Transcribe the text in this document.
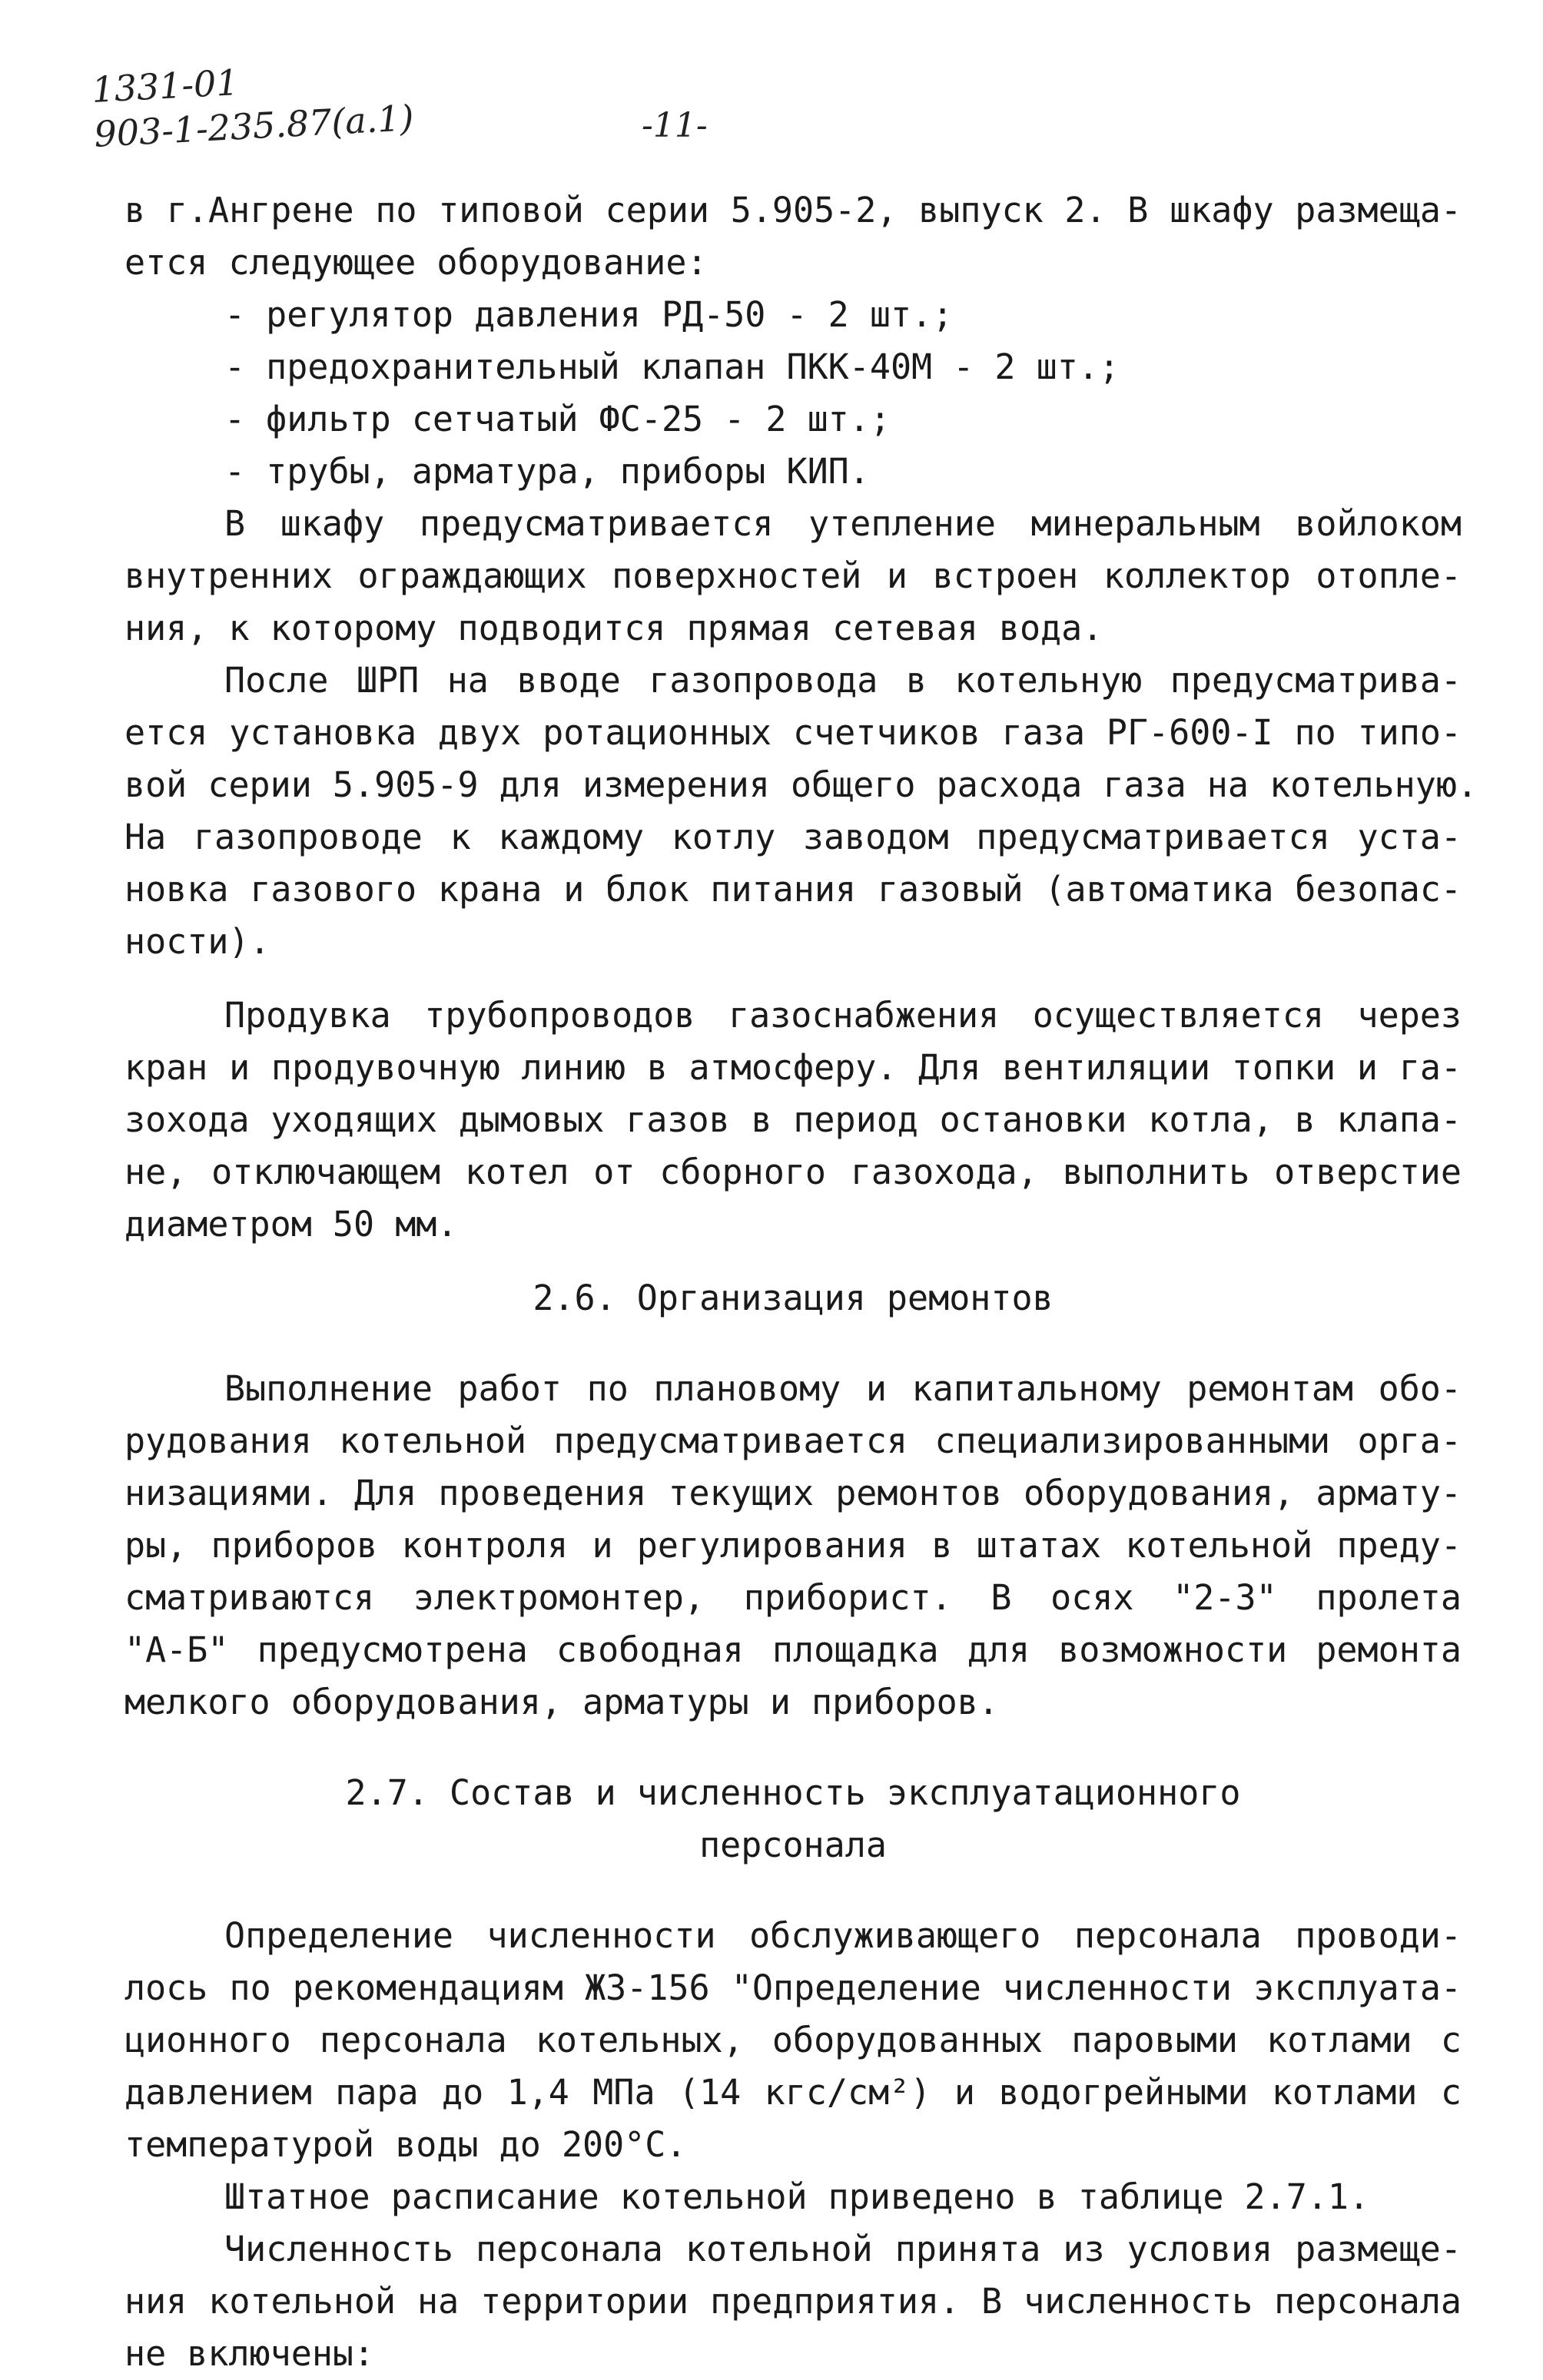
1331-01
903-1-235.87(a.1)	-11-
в г.Ангрене по типовой серии 5.905-2, выпуск 2. В шкафу размеща-
ется следующее оборудование:
- регулятор давления РД-50 - 2 шт.;
- предохранительный клапан ПКК-40М - 2 шт.;
- фильтр сетчатый ФС-25 - 2 шт.;
- трубы, арматура, приборы КИП.
В шкафу предусматривается утепление минеральным войлоком
внутренних ограждающих поверхностей и встроен коллектор отопле-
ния, к которому подводится прямая сетевая вода.
После ШРП на вводе газопровода в котельную предусматрива-
ется установка двух ротационных счетчиков газа РГ-600-I по типо-
вой серии 5.905-9 для измерения общего расхода газа на котельную.
На газопроводе к каждому котлу заводом предусматривается уста-
новка газового крана и блок питания газовый (автоматика безопас-
ности).
Продувка трубопроводов газоснабжения осуществляется через
кран и продувочную линию в атмосферу. Для вентиляции топки и га-
зохода уходящих дымовых газов в период остановки котла, в клапа-
не, отключающем котел от сборного газохода, выполнить отверстие
диаметром 50 мм.
2.6. Организация ремонтов
Выполнение работ по плановому и капитальному ремонтам обо-
рудования котельной предусматривается специализированными орга-
низациями. Для проведения текущих ремонтов оборудования, армату-
ры, приборов контроля и регулирования в штатах котельной преду-
сматриваются электромонтер, приборист. В осях "2-3" пролета
"А-Б" предусмотрена свободная площадка для возможности ремонта
мелкого оборудования, арматуры и приборов.
2.7. Состав и численность эксплуатационного
персонала
Определение численности обслуживающего персонала проводи-
лось по рекомендациям ЖЗ-156 "Определение численности эксплуата-
ционного персонала котельных, оборудованных паровыми котлами с
давлением пара до 1,4 МПа (14 кгс/см²) и водогрейными котлами с
температурой воды до 200°С.
Штатное расписание котельной приведено в таблице 2.7.1.
Численность персонала котельной принята из условия размеще-
ния котельной на территории предприятия. В численность персонала
не включены:
